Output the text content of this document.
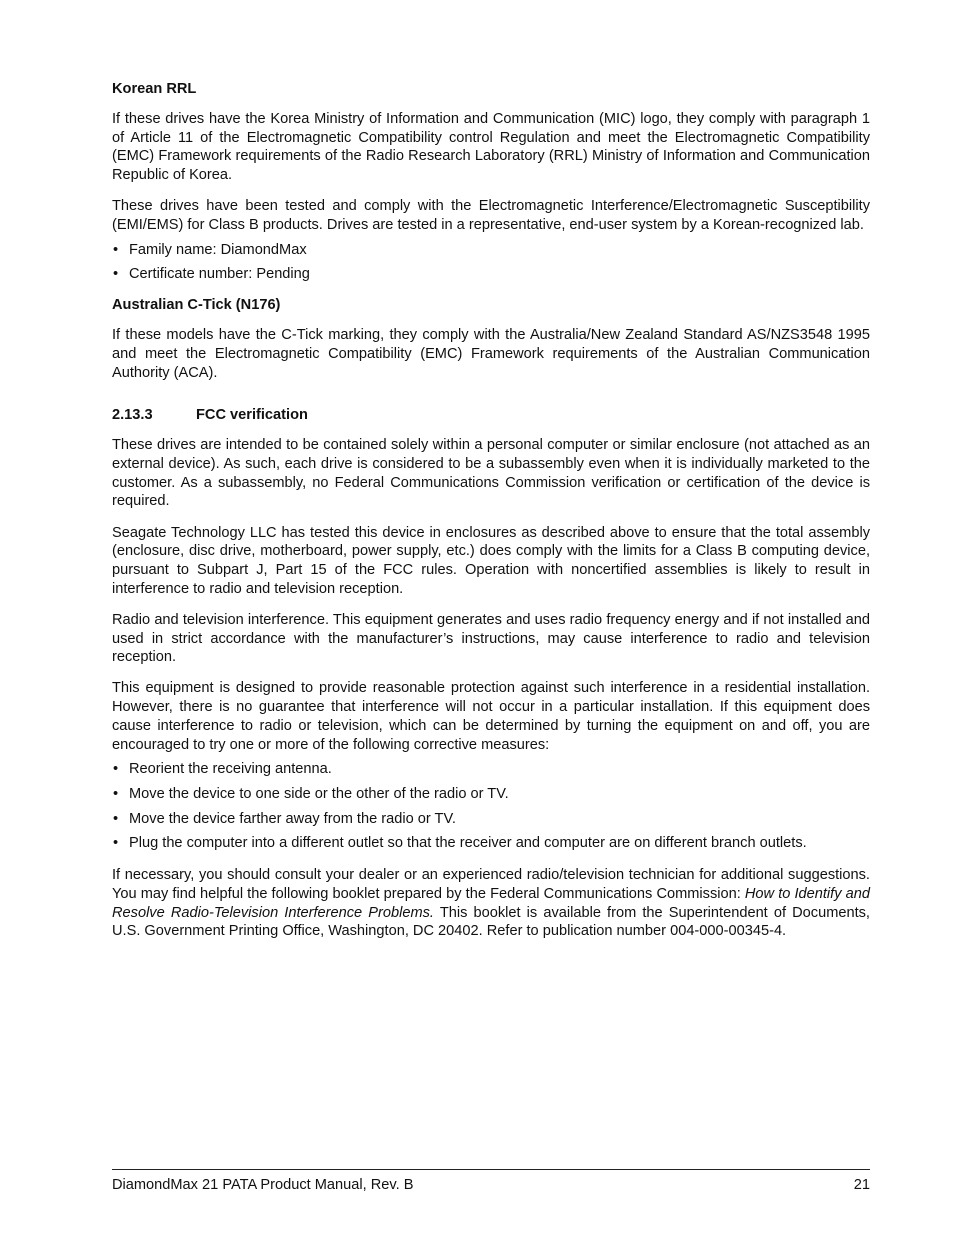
Korean RRL

If these drives have the Korea Ministry of Information and Communication (MIC) logo, they comply with paragraph 1 of Article 11 of the Electromagnetic Compatibility control Regulation and meet the Electromagnetic Compatibility (EMC) Framework requirements of the Radio Research Laboratory (RRL) Ministry of Information and Communication Republic of Korea.

These drives have been tested and comply with the Electromagnetic Interference/Electromagnetic Susceptibility (EMI/EMS) for Class B products. Drives are tested in a representative, end-user system by a Korean-recognized lab.

• Family name: DiamondMax
• Certificate number: Pending
Australian C-Tick (N176)

If these models have the C-Tick marking, they comply with the Australia/New Zealand Standard AS/NZS3548 1995 and meet the Electromagnetic Compatibility (EMC) Framework requirements of the Australian Communication Authority (ACA).

2.13.3	FCC verification

These drives are intended to be contained solely within a personal computer or similar enclosure (not attached as an external device). As such, each drive is considered to be a subassembly even when it is individually marketed to the customer. As a subassembly, no Federal Communications Commission verification or certification of the device is required.

Seagate Technology LLC has tested this device in enclosures as described above to ensure that the total assembly (enclosure, disc drive, motherboard, power supply, etc.) does comply with the limits for a Class B computing device, pursuant to Subpart J, Part 15 of the FCC rules. Operation with noncertified assemblies is likely to result in interference to radio and television reception.

Radio and television interference. This equipment generates and uses radio frequency energy and if not installed and used in strict accordance with the manufacturer’s instructions, may cause interference to radio and television reception.

This equipment is designed to provide reasonable protection against such interference in a residential installation. However, there is no guarantee that interference will not occur in a particular installation. If this equipment does cause interference to radio or television, which can be determined by turning the equipment on and off, you are encouraged to try one or more of the following corrective measures:

• Reorient the receiving antenna.
• Move the device to one side or the other of the radio or TV.
• Move the device farther away from the radio or TV.
• Plug the computer into a different outlet so that the receiver and computer are on different branch outlets.

If necessary, you should consult your dealer or an experienced radio/television technician for additional suggestions. You may find helpful the following booklet prepared by the Federal Communications Commission: How to Identify and Resolve Radio-Television Interference Problems. This booklet is available from the Superintendent of Documents, U.S. Government Printing Office, Washington, DC 20402. Refer to publication number 004-000-00345-4.

DiamondMax 21 PATA Product Manual, Rev. B	21
